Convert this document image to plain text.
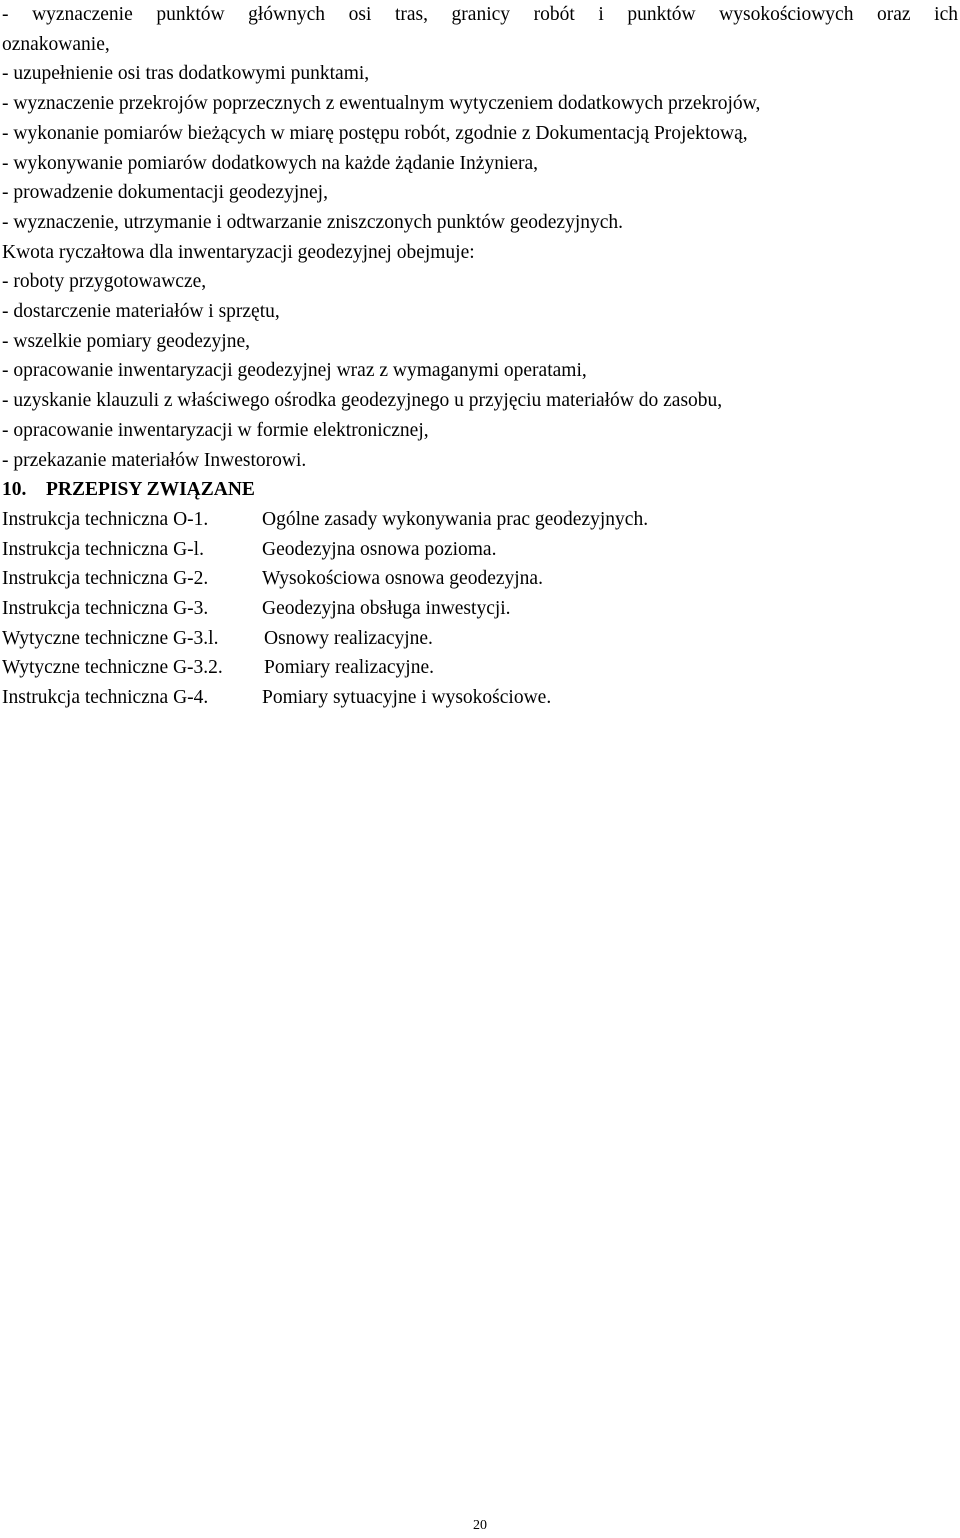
- wyznaczenie punktów głównych osi tras, granicy robót i punktów wysokościowych oraz ich
oznakowanie,
- uzupełnienie osi tras dodatkowymi punktami,
- wyznaczenie przekrojów poprzecznych z ewentualnym wytyczeniem dodatkowych przekrojów,
- wykonanie pomiarów bieżących w miarę postępu robót, zgodnie z Dokumentacją Projektową,
- wykonywanie pomiarów dodatkowych na każde żądanie Inżyniera,
- prowadzenie dokumentacji geodezyjnej,
- wyznaczenie, utrzymanie i odtwarzanie zniszczonych punktów geodezyjnych.
Kwota ryczałtowa dla inwentaryzacji geodezyjnej obejmuje:
- roboty przygotowawcze,
- dostarczenie materiałów i sprzętu,
- wszelkie pomiary geodezyjne,
- opracowanie inwentaryzacji geodezyjnej wraz z wymaganymi operatami,
- uzyskanie klauzuli z właściwego ośrodka geodezyjnego u przyjęciu materiałów do zasobu,
- opracowanie inwentaryzacji w formie elektronicznej,
- przekazanie materiałów Inwestorowi.
10. PRZEPISY ZWIĄZANE
Instrukcja techniczna O-1.	Ogólne zasady wykonywania prac geodezyjnych.
Instrukcja techniczna G-l.	Geodezyjna osnowa pozioma.
Instrukcja techniczna G-2.	Wysokościowa osnowa geodezyjna.
Instrukcja techniczna G-3.	Geodezyjna obsługa inwestycji.
Wytyczne techniczne G-3.l. Osnowy realizacyjne.
Wytyczne techniczne G-3.2. Pomiary realizacyjne.
Instrukcja techniczna G-4.	Pomiary sytuacyjne i wysokościowe.
20
